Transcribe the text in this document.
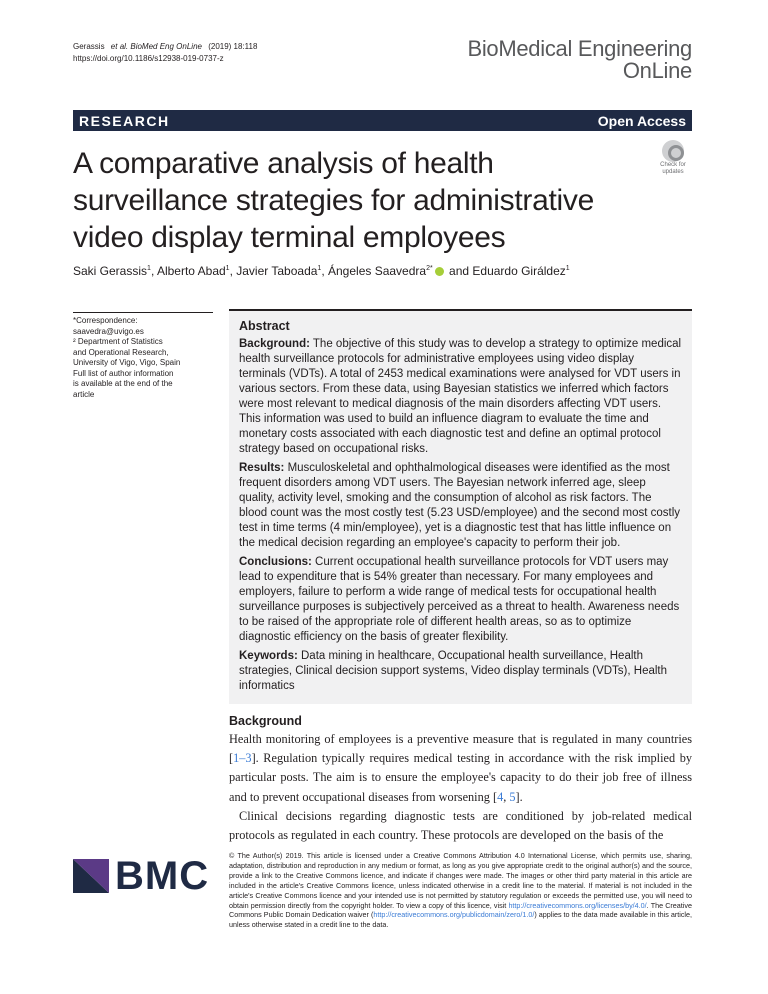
Gerassis et al. BioMed Eng OnLine (2019) 18:118
https://doi.org/10.1186/s12938-019-0737-z	BioMedical Engineering
OnLine
RESEARCH	Open Access
A comparative analysis of health surveillance strategies for administrative video display terminal employees
Check for
updates
Saki Gerassis$^1$, Alberto Abad$^1$, Javier Taboada$^1$, Ángeles Saavedra$^{2*}$ and Eduardo Giráldez$^1$
*Correspondence:
saavedra@uvigo.es
² Department of Statistics
and Operational Research,
University of Vigo, Vigo, Spain
Full list of author information
is available at the end of the
article
Abstract

Background: The objective of this study was to develop a strategy to optimize medical health surveillance protocols for administrative employees using video display terminals (VDTs). A total of 2453 medical examinations were analysed for VDT users in various sectors. From these data, using Bayesian statistics we inferred which factors were most relevant to medical diagnosis of the main disorders affecting VDT users. This information was used to build an influence diagram to evaluate the time and monetary costs associated with each diagnostic test and define an optimal protocol strategy based on occupational risks.

Results: Musculoskeletal and ophthalmological diseases were identified as the most frequent disorders among VDT users. The Bayesian network inferred age, sleep quality, activity level, smoking and the consumption of alcohol as risk factors. The blood count was the most costly test (5.23 USD/employee) and the second most costly test in time terms (4 min/employee), yet is a diagnostic test that has little influence on the medical decision regarding an employee's capacity to perform their job.

Conclusions: Current occupational health surveillance protocols for VDT users may lead to expenditure that is 54% greater than necessary. For many employees and employers, failure to perform a wide range of medical tests for occupational health surveillance purposes is subjectively perceived as a threat to health. Awareness needs to be raised of the appropriate role of different health areas, so as to optimize diagnostic efficiency on the basis of greater flexibility.

Keywords: Data mining in healthcare, Occupational health surveillance, Health strategies, Clinical decision support systems, Video display terminals (VDTs), Health informatics

Background

Health monitoring of employees is a preventive measure that is regulated in many countries [1–3]. Regulation typically requires medical testing in accordance with the risk implied by particular posts. The aim is to ensure the employee's capacity to do their job free of illness and to prevent occupational diseases from worsening [4, 5].

Clinical decisions regarding diagnostic tests are conditioned by job-related medical protocols as regulated in each country. These protocols are developed on the basis of the

© The Author(s) 2019. This article is licensed under a Creative Commons Attribution 4.0 International License, which permits use, sharing, adaptation, distribution and reproduction in any medium or format, as long as you give appropriate credit to the original author(s) and the source, provide a link to the Creative Commons licence, and indicate if changes were made. The images or other third party material in this article are included in the article's Creative Commons licence, unless indicated otherwise in a credit line to the material. If material is not included in the article's Creative Commons licence and your intended use is not permitted by statutory regulation or exceeds the permitted use, you will need to obtain permission directly from the copyright holder. To view a copy of this licence, visit http://creativecommons.org/licenses/by/4.0/. The Creative Commons Public Domain Dedication waiver (http://creativecommons.org/publicdomain/zero/1.0/) applies to the data made available in this article, unless otherwise stated in a credit line to the data.
BMC
